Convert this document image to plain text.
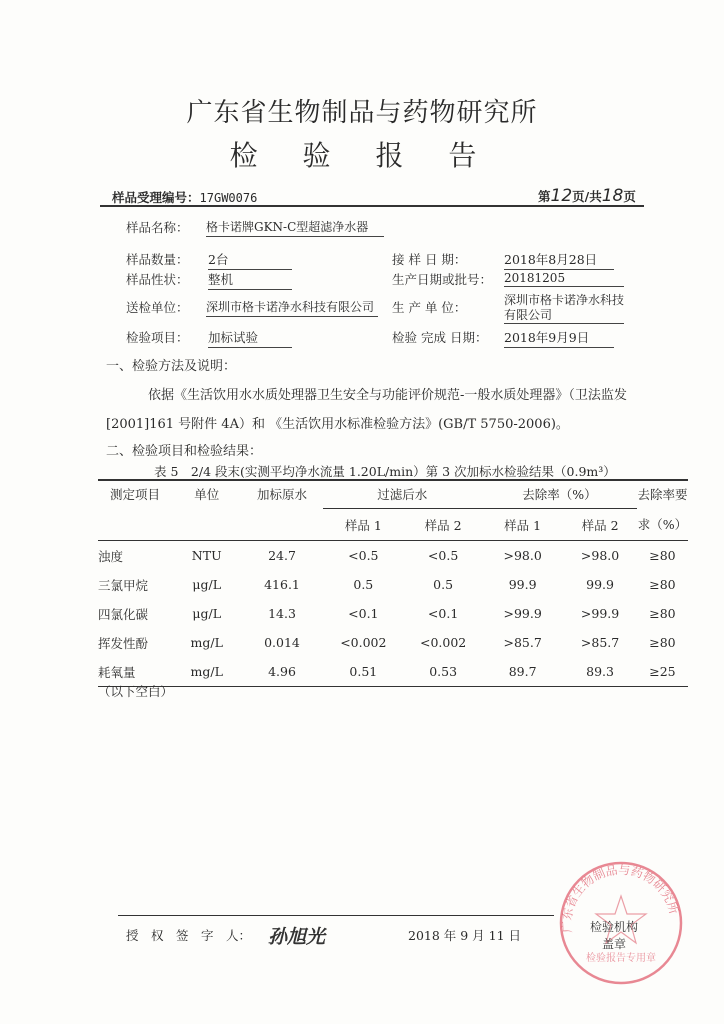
广东省生物制品与药物研究所
检 验 报 告
样品受理编号：17GW0076	第12页/共18页
样品名称： 格卡诺牌GKN-C型超滤净水器
样品数量： 2台
样品性状： 整机
送检单位： 深圳市格卡诺净水科技有限公司
检验项目： 加标试验
接 样 日 期：	2018年8月28日
生产日期或批号： 20181205
生 产 单 位：	深圳市格卡诺净水科技
有限公司
检验 完成 日期： 2018年9月9日
一、检验方法及说明：
依据《生活饮用水水质处理器卫生安全与功能评价规范-一般水质处理器》（卫法监发
[2001]161 号附件 4A）和 《生活饮用水标准检验方法》(GB/T 5750-2006)。
二、检验项目和检验结果：
表 5　2/4 段末(实测平均净水流量 1.20L/min）第 3 次加标水检验结果（0.9m³）
测定项目	单位	加标原水	过滤后水		去除率（%）		去除率要
			样品 1	样品 2	样品 1	样品 2	求（%）
浊度	NTU	24.7	<0.5	<0.5	>98.0	>98.0	≥80
三氯甲烷	μg/L	416.1	0.5	0.5	99.9	99.9	≥80
四氯化碳	μg/L	14.3	<0.1	<0.1	>99.9	>99.9	≥80
挥发性酚	mg/L	0.014	<0.002	<0.002	>85.7	>85.7	≥80
耗氧量	mg/L	4.96	0.51	0.53	89.7	89.3	≥25
（以下空白）
授　权　签　字　人： 孙旭光	2018 年 9 月 11 日
广东省生物制品与药物研究所
检验报告专用章
检验机构
盖章
